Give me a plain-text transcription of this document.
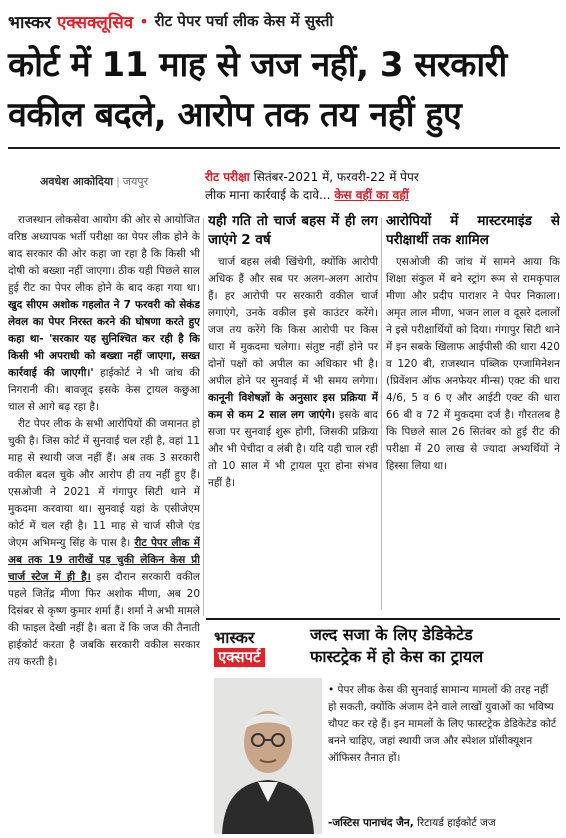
भास्कर एक्सक्लूसिव • रीट पेपर पर्चा लीक केस में सुस्ती
कोर्ट में 11 माह से जज नहीं, 3 सरकारी
वकील बदले, आरोप तक तय नहीं हुए
अवधेश आकोदिया | जयपुर	रीट परीक्षा सितंबर-2021 में, फरवरी-22 में पेपर
लीक माना कार्रवाई के दावे... केस वहीं का वहीं

राजस्थान लोकसेवा आयोग की ओर से आयोजित वरिष्ठ अध्यापक भर्ती परीक्षा का पेपर लीक होने के बाद सरकार की ओर कहा जा रहा है कि किसी भी दोषी को बख्शा नहीं जाएगा। ठीक यही पिछले साल हुई रीट का पेपर लीक होने के बाद कहा गया था। खुद सीएम अशोक गहलोत ने 7 फरवरी को सेकंड लेवल का पेपर निरस्त करने की घोषणा करते हुए कहा था- 'सरकार यह सुनिश्चित कर रही है कि किसी भी अपराधी को बख्शा नहीं जाएगा, सख्त कार्रवाई की जाएगी।' हाईकोर्ट ने भी जांच की निगरानी की। बावजूद इसके केस ट्रायल कछुआ चाल से आगे बढ़ रहा है।

रीट पेपर लीक के सभी आरोपियों की जमानत हो चुकी है। जिस कोर्ट में सुनवाई चल रही है, वहां 11 माह से स्थायी जज नहीं हैं। अब तक 3 सरकारी वकील बदल चुके और आरोप ही तय नहीं हुए हैं। एसओजी ने 2021 में गंगापुर सिटी थाने में मुकदमा करवाया था। सुनवाई यहां के एसीजेएम कोर्ट में चल रही है। 11 माह से चार्ज सीजे एंड जेएम अभिमन्यु सिंह के पास है। रीट पेपर लीक में अब तक 19 तारीखें पड़ चुकी लेकिन केस प्री चार्ज स्टेज में ही है। इस दौरान सरकारी वकील पहले जितेंद्र मीणा फिर अशोक मीणा, अब 20 दिसंबर से कृष्ण कुमार शर्मा हैं। शर्मा ने अभी मामले की फाइल देखी नहीं है। बता दें कि जज की तैनाती हाईकोर्ट करता है जबकि सरकारी वकील सरकार तय करती है।

यही गति तो चार्ज बहस में ही लग जाएंगे 2 वर्ष

चार्ज बहस लंबी खिंचेगी, क्योंकि आरोपी अधिक हैं और सब पर अलग-अलग आरोप हैं। हर आरोपी पर सरकारी वकील चार्ज लगाएंगे, उनके वकील इसे काउंटर करेंगे। जज तय करेंगे कि किस आरोपी पर किस धारा में मुकदमा चलेगा। संतुष्ट नहीं होने पर दोनों पक्षों को अपील का अधिकार भी है। अपील होने पर सुनवाई में भी समय लगेगा। कानूनी विशेषज्ञों के अनुसार इस प्रक्रिया में कम से कम 2 साल लग जाएंगे। इसके बाद सजा पर सुनवाई शुरू होगी, जिसकी प्रक्रिया और भी पेचीदा व लंबी है। यदि यही चाल रही तो 10 साल में भी ट्रायल पूरा होना संभव नहीं है।

आरोपियों में मास्टरमाइंड से परीक्षार्थी तक शामिल

एसओजी की जांच में सामने आया कि शिक्षा संकुल में बने स्ट्रांग रूम से रामकृपाल मीणा और प्रदीप पाराशर ने पेपर निकाला। अमृत लाल मीणा, भजन लाल व दूसरे दलालों ने इसे परीक्षार्थियों को दिया। गंगापुर सिटी थाने में इन सबके खिलाफ आईपीसी की धारा 420 व 120 बी, राजस्थान पब्लिक एग्जामिनेशन (प्रिवेंशन ऑफ अनफेयर मीन्स) एक्ट की धारा 4/6, 5 व 6 ए और आईटी एक्ट की धारा 66 बी व 72 में मुकदमा दर्ज है। गौरतलब है कि पिछले साल 26 सितंबर को हुई रीट की परीक्षा में 20 लाख से ज्यादा अभ्यर्थियों ने हिस्सा लिया था।

भास्कर
एक्सपर्ट
जल्द सजा के लिए डेडिकेटेड
फास्टट्रेक में हो केस का ट्रायल
• पेपर लीक केस की सुनवाई सामान्य मामलों की तरह नहीं हो सकती, क्योंकि अंजाम देने वाले लाखों युवाओं का भविष्य चौपट कर रहे हैं। इन मामलों के लिए फास्टट्रेक डेडिकेटेड कोर्ट बनने चाहिए, जहां स्थायी जज और स्पेशल प्रॉसीक्यूशन ऑफिसर तैनात हों।
-जस्टिस पानाचंद जैन, रिटायर्ड हाईकोर्ट जज
